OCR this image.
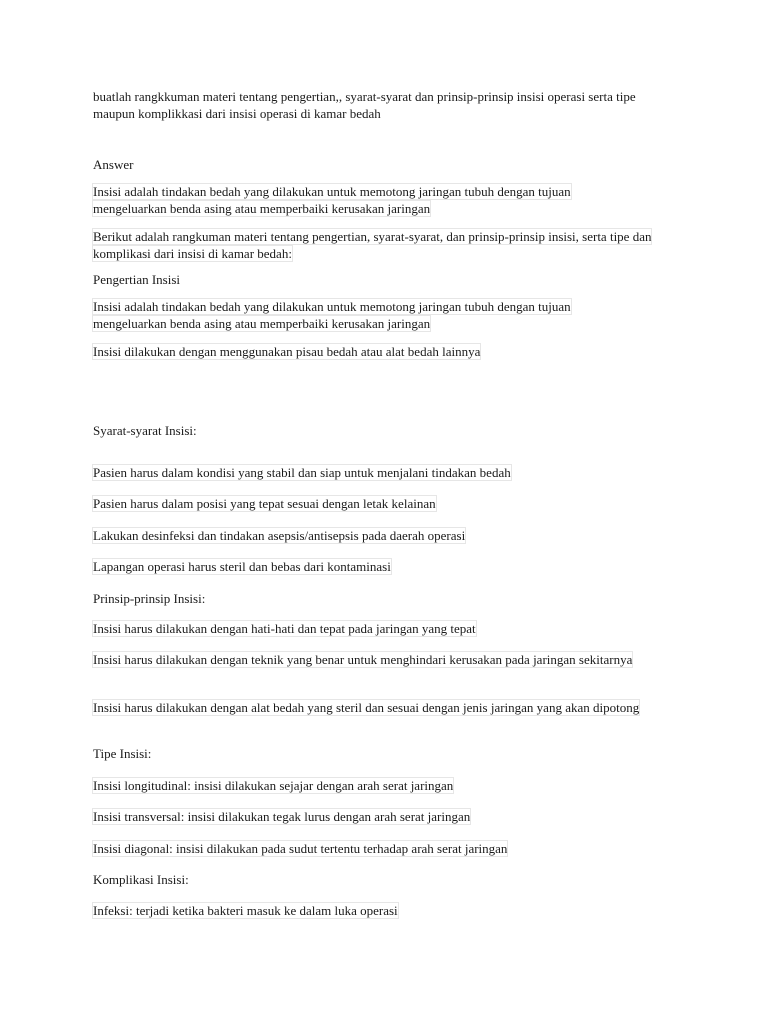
buatlah rangkkuman materi tentang pengertian,, syarat-syarat dan prinsip-prinsip insisi operasi serta tipe maupun komplikkasi dari insisi operasi di kamar bedah

Answer

Insisi adalah tindakan bedah yang dilakukan untuk memotong jaringan tubuh dengan tujuan mengeluarkan benda asing atau memperbaiki kerusakan jaringan

Berikut adalah rangkuman materi tentang pengertian, syarat-syarat, dan prinsip-prinsip insisi, serta tipe dan komplikasi dari insisi di kamar bedah:

Pengertian Insisi

Insisi adalah tindakan bedah yang dilakukan untuk memotong jaringan tubuh dengan tujuan mengeluarkan benda asing atau memperbaiki kerusakan jaringan

Insisi dilakukan dengan menggunakan pisau bedah atau alat bedah lainnya

Syarat-syarat Insisi:

Pasien harus dalam kondisi yang stabil dan siap untuk menjalani tindakan bedah

Pasien harus dalam posisi yang tepat sesuai dengan letak kelainan

Lakukan desinfeksi dan tindakan asepsis/antisepsis pada daerah operasi

Lapangan operasi harus steril dan bebas dari kontaminasi

Prinsip-prinsip Insisi:

Insisi harus dilakukan dengan hati-hati dan tepat pada jaringan yang tepat

Insisi harus dilakukan dengan teknik yang benar untuk menghindari kerusakan pada jaringan sekitarnya

Insisi harus dilakukan dengan alat bedah yang steril dan sesuai dengan jenis jaringan yang akan dipotong

Tipe Insisi:

Insisi longitudinal: insisi dilakukan sejajar dengan arah serat jaringan

Insisi transversal: insisi dilakukan tegak lurus dengan arah serat jaringan

Insisi diagonal: insisi dilakukan pada sudut tertentu terhadap arah serat jaringan

Komplikasi Insisi:

Infeksi: terjadi ketika bakteri masuk ke dalam luka operasi
